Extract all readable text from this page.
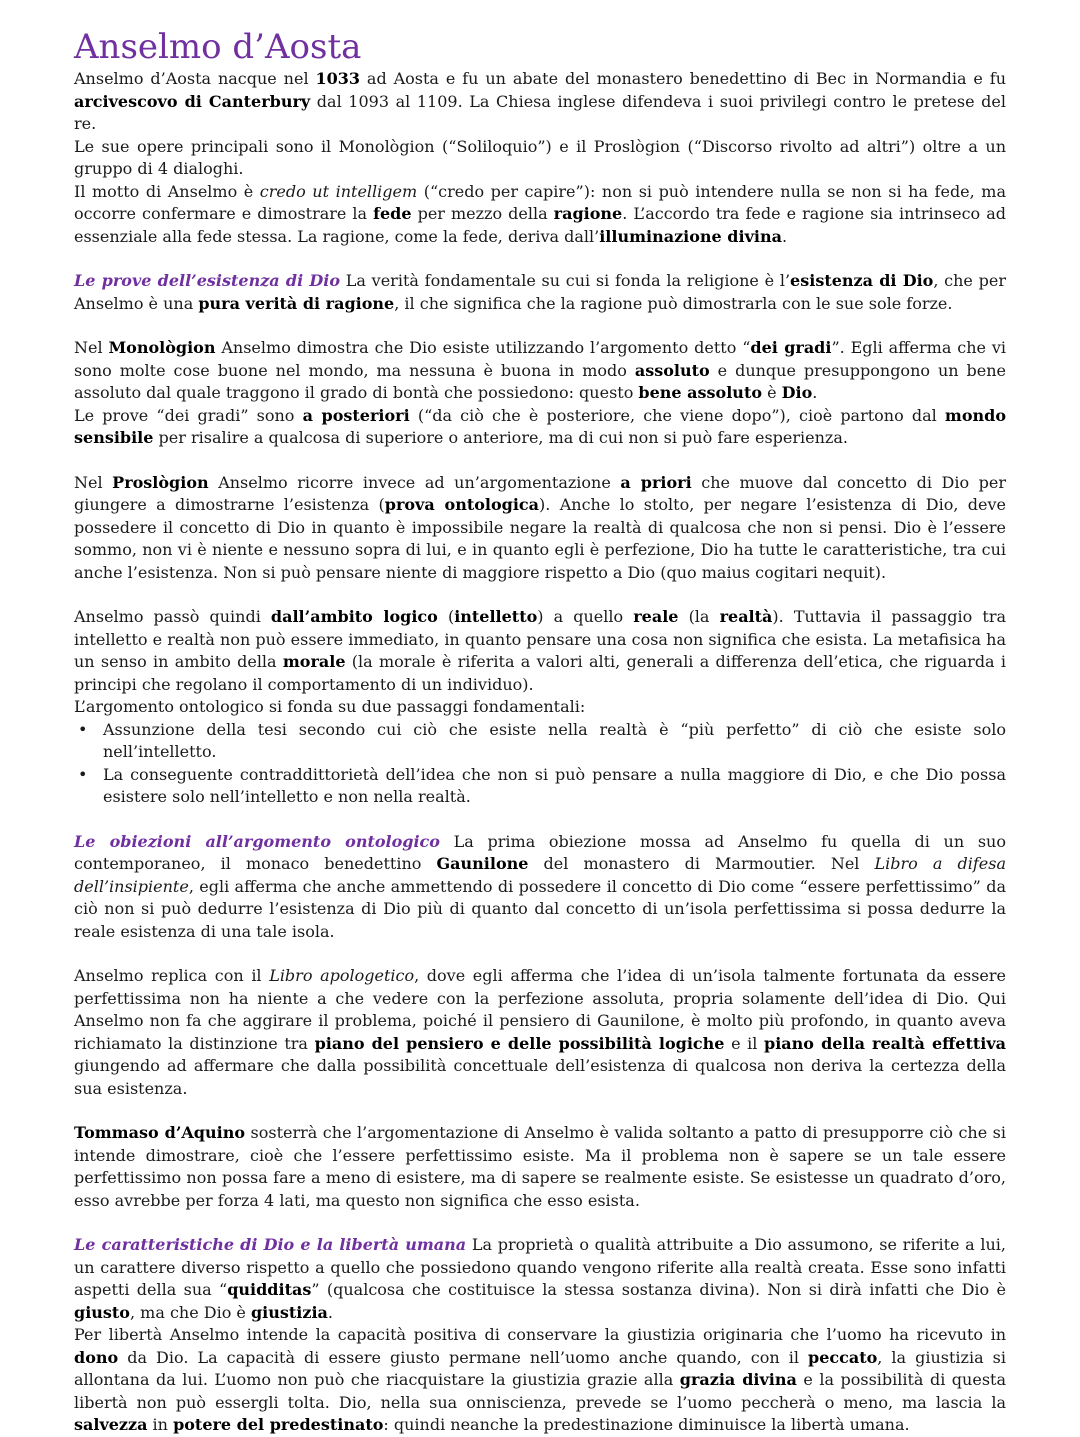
Anselmo d’Aosta

Anselmo d’Aosta nacque nel 1033 ad Aosta e fu un abate del monastero benedettino di Bec in Normandia e fu arcivescovo di Canterbury dal 1093 al 1109. La Chiesa inglese difendeva i suoi privilegi contro le pretese del re.

Le sue opere principali sono il Monològion (“Soliloquio”) e il Proslògion (“Discorso rivolto ad altri”) oltre a un gruppo di 4 dialoghi.

Il motto di Anselmo è credo ut intelligem (“credo per capire”): non si può intendere nulla se non si ha fede, ma occorre confermare e dimostrare la fede per mezzo della ragione. L’accordo tra fede e ragione sia intrinseco ad essenziale alla fede stessa. La ragione, come la fede, deriva dall’illuminazione divina.

Le prove dell’esistenza di Dio La verità fondamentale su cui si fonda la religione è l’esistenza di Dio, che per Anselmo è una pura verità di ragione, il che significa che la ragione può dimostrarla con le sue sole forze.

Nel Monològion Anselmo dimostra che Dio esiste utilizzando l’argomento detto “dei gradi”. Egli afferma che vi sono molte cose buone nel mondo, ma nessuna è buona in modo assoluto e dunque presuppongono un bene assoluto dal quale traggono il grado di bontà che possiedono: questo bene assoluto è Dio.

Le prove “dei gradi” sono a posteriori (“da ciò che è posteriore, che viene dopo”), cioè partono dal mondo sensibile per risalire a qualcosa di superiore o anteriore, ma di cui non si può fare esperienza.

Nel Proslògion Anselmo ricorre invece ad un’argomentazione a priori che muove dal concetto di Dio per giungere a dimostrarne l’esistenza (prova ontologica). Anche lo stolto, per negare l’esistenza di Dio, deve possedere il concetto di Dio in quanto è impossibile negare la realtà di qualcosa che non si pensi. Dio è l’essere sommo, non vi è niente e nessuno sopra di lui, e in quanto egli è perfezione, Dio ha tutte le caratteristiche, tra cui anche l’esistenza. Non si può pensare niente di maggiore rispetto a Dio (quo maius cogitari nequit).

Anselmo passò quindi dall’ambito logico (intelletto) a quello reale (la realtà). Tuttavia il passaggio tra intelletto e realtà non può essere immediato, in quanto pensare una cosa non significa che esista. La metafisica ha un senso in ambito della morale (la morale è riferita a valori alti, generali a differenza dell’etica, che riguarda i principi che regolano il comportamento di un individuo).

L’argomento ontologico si fonda su due passaggi fondamentali:

• Assunzione della tesi secondo cui ciò che esiste nella realtà è “più perfetto” di ciò che esiste solo nell’intelletto.
• La conseguente contraddittorietà dell’idea che non si può pensare a nulla maggiore di Dio, e che Dio possa esistere solo nell’intelletto e non nella realtà.

Le obiezioni all’argomento ontologico La prima obiezione mossa ad Anselmo fu quella di un suo contemporaneo, il monaco benedettino Gaunilone del monastero di Marmoutier. Nel Libro a difesa dell’insipiente, egli afferma che anche ammettendo di possedere il concetto di Dio come “essere perfettissimo” da ciò non si può dedurre l’esistenza di Dio più di quanto dal concetto di un’isola perfettissima si possa dedurre la reale esistenza di una tale isola.

Anselmo replica con il Libro apologetico, dove egli afferma che l’idea di un’isola talmente fortunata da essere perfettissima non ha niente a che vedere con la perfezione assoluta, propria solamente dell’idea di Dio. Qui Anselmo non fa che aggirare il problema, poiché il pensiero di Gaunilone, è molto più profondo, in quanto aveva richiamato la distinzione tra piano del pensiero e delle possibilità logiche e il piano della realtà effettiva giungendo ad affermare che dalla possibilità concettuale dell’esistenza di qualcosa non deriva la certezza della sua esistenza.

Tommaso d’Aquino sosterrà che l’argomentazione di Anselmo è valida soltanto a patto di presupporre ciò che si intende dimostrare, cioè che l’essere perfettissimo esiste. Ma il problema non è sapere se un tale essere perfettissimo non possa fare a meno di esistere, ma di sapere se realmente esiste. Se esistesse un quadrato d’oro, esso avrebbe per forza 4 lati, ma questo non significa che esso esista.

Le caratteristiche di Dio e la libertà umana La proprietà o qualità attribuite a Dio assumono, se riferite a lui, un carattere diverso rispetto a quello che possiedono quando vengono riferite alla realtà creata. Esse sono infatti aspetti della sua “quidditas” (qualcosa che costituisce la stessa sostanza divina). Non si dirà infatti che Dio è giusto, ma che Dio è giustizia.

Per libertà Anselmo intende la capacità positiva di conservare la giustizia originaria che l’uomo ha ricevuto in dono da Dio. La capacità di essere giusto permane nell’uomo anche quando, con il peccato, la giustizia si allontana da lui. L’uomo non può che riacquistare la giustizia grazie alla grazia divina e la possibilità di questa libertà non può essergli tolta. Dio, nella sua onniscienza, prevede se l’uomo peccherà o meno, ma lascia la salvezza in potere del predestinato: quindi neanche la predestinazione diminuisce la libertà umana.
